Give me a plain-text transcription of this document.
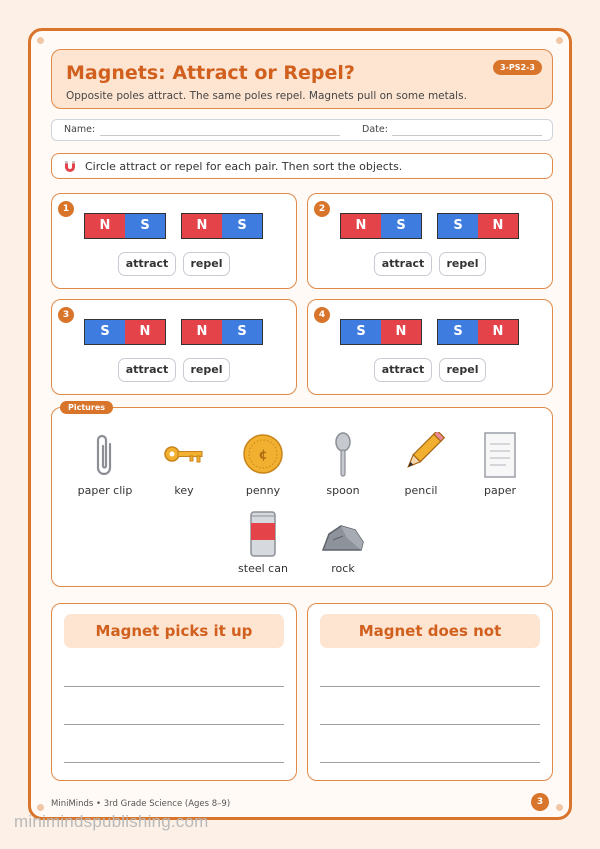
Magnets: Attract or Repel?
Opposite poles attract. The same poles repel. Magnets pull on some metals.
3-PS2-3
Name:	Date:
Circle attract or repel for each pair. Then sort the objects.
1
N	S	N	S
attract	repel
2
N	S	S	N
attract	repel
3
S	N	N	S
attract	repel
4
S	N	S	N
attract	repel
Pictures
paper clip	key
¢
penny	spoon	pencil	paper
steel can	rock
Magnet picks it up	Magnet does not
MiniMinds • 3rd Grade Science (Ages 8–9)	3
minimindspublishing.com
